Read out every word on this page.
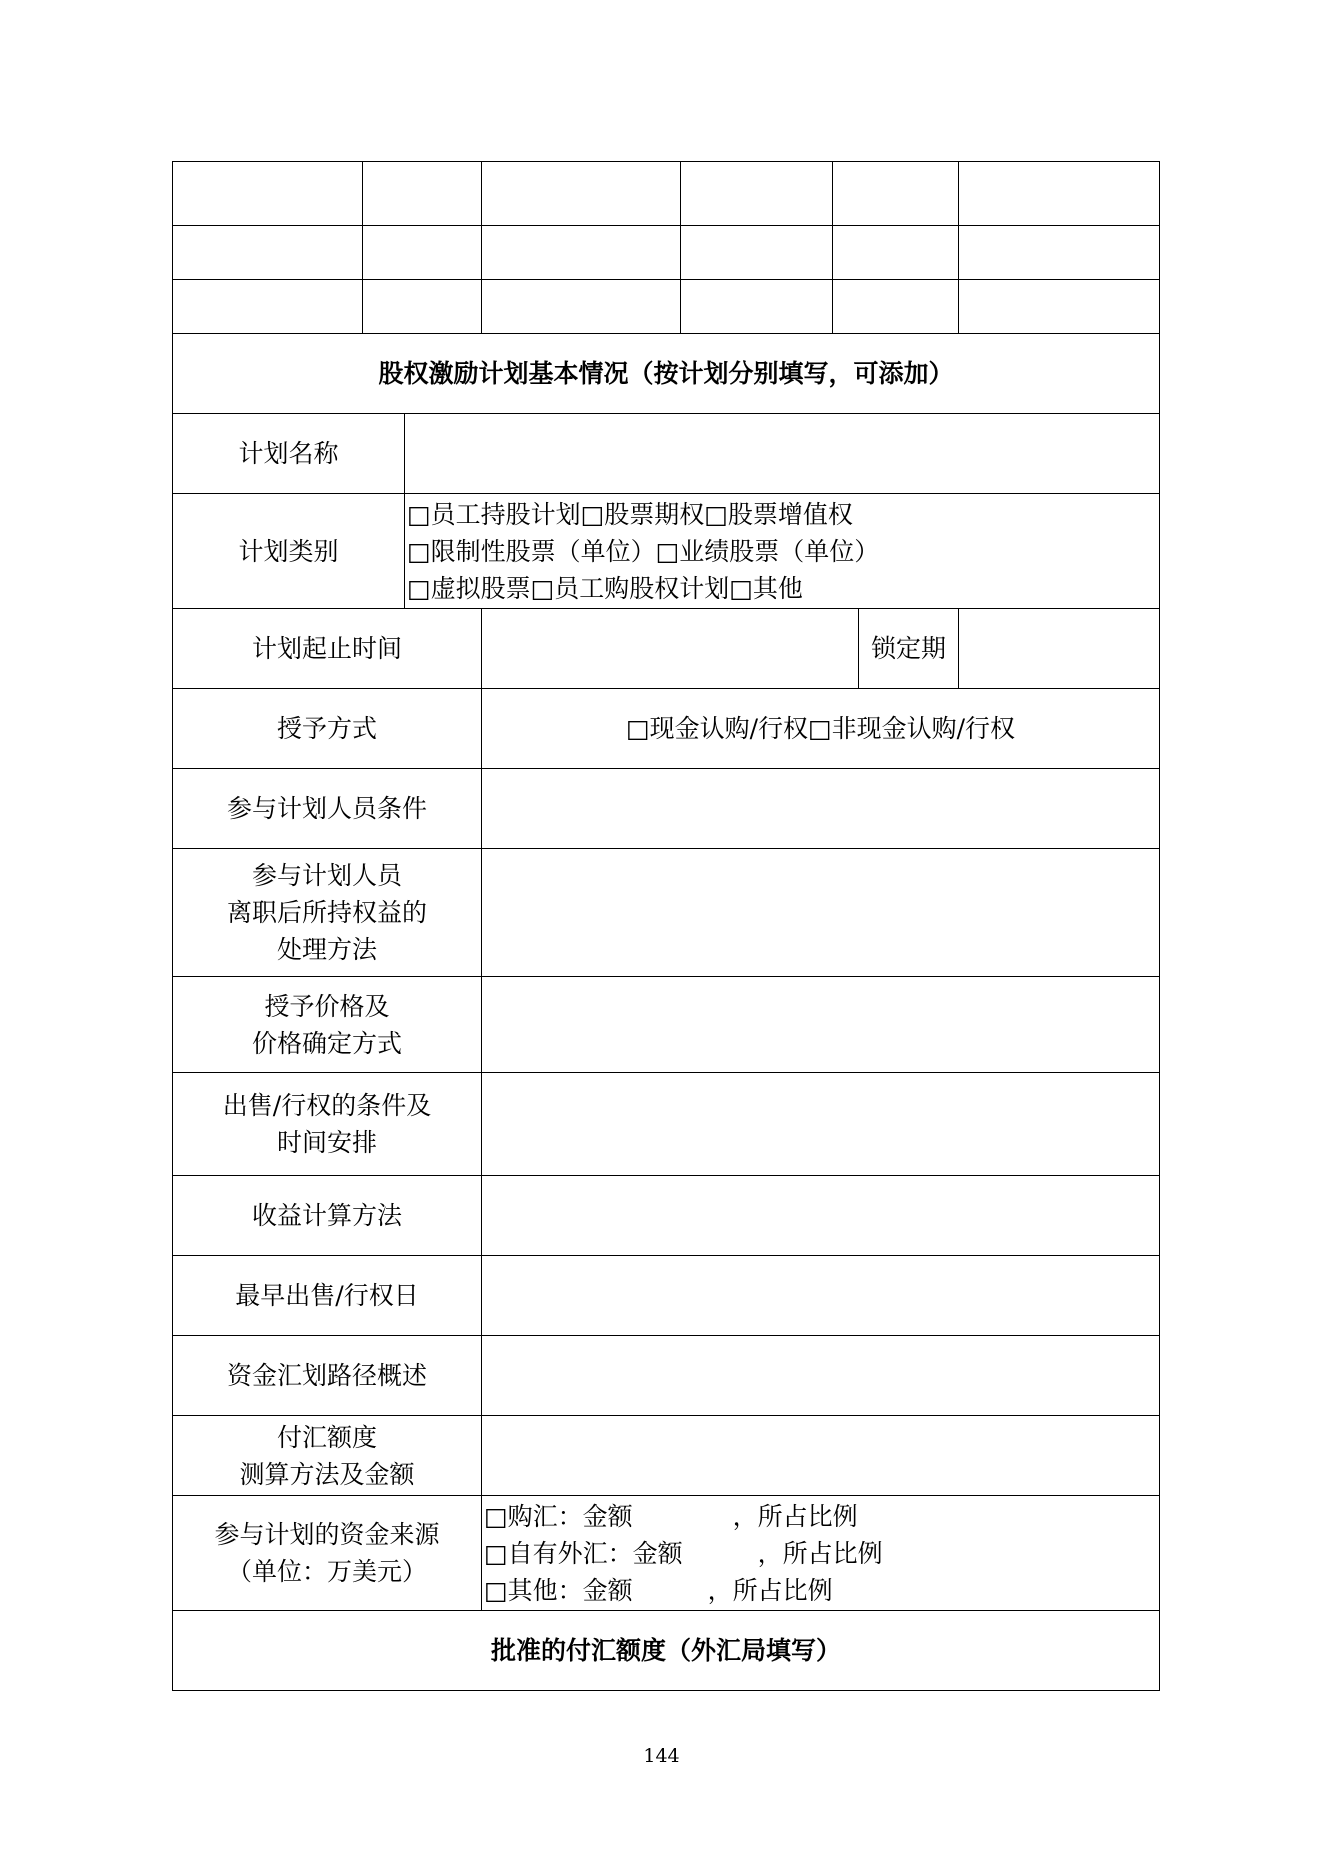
股权激励计划基本情况（按计划分别填写，可添加）							
计划名称							
计划类别		□员工持股计划□股票期权□股票增值权
□限制性股票（单位）□业绩股票（单位）
□虚拟股票□员工购股权计划□其他					

计划起止时间						锁定期	
授予方式			□现金认购/行权□非现金认购/行权				
参与计划人员条件							

参与计划人员
离职后所持权益的
处理方法							

授予价格及
价格确定方式							

出售/行权的条件及
时间安排							

收益计算方法							
最早出售/行权日							
资金汇划路径概述							

付汇额度
测算方法及金额							

参与计划的资金来源
（单位：万美元）			□购汇：金额　　　　，所占比例
□自有外汇：金额　　　，所占比例
□其他：金额　　　，所占比例				

批准的付汇额度（外汇局填写）							
144
